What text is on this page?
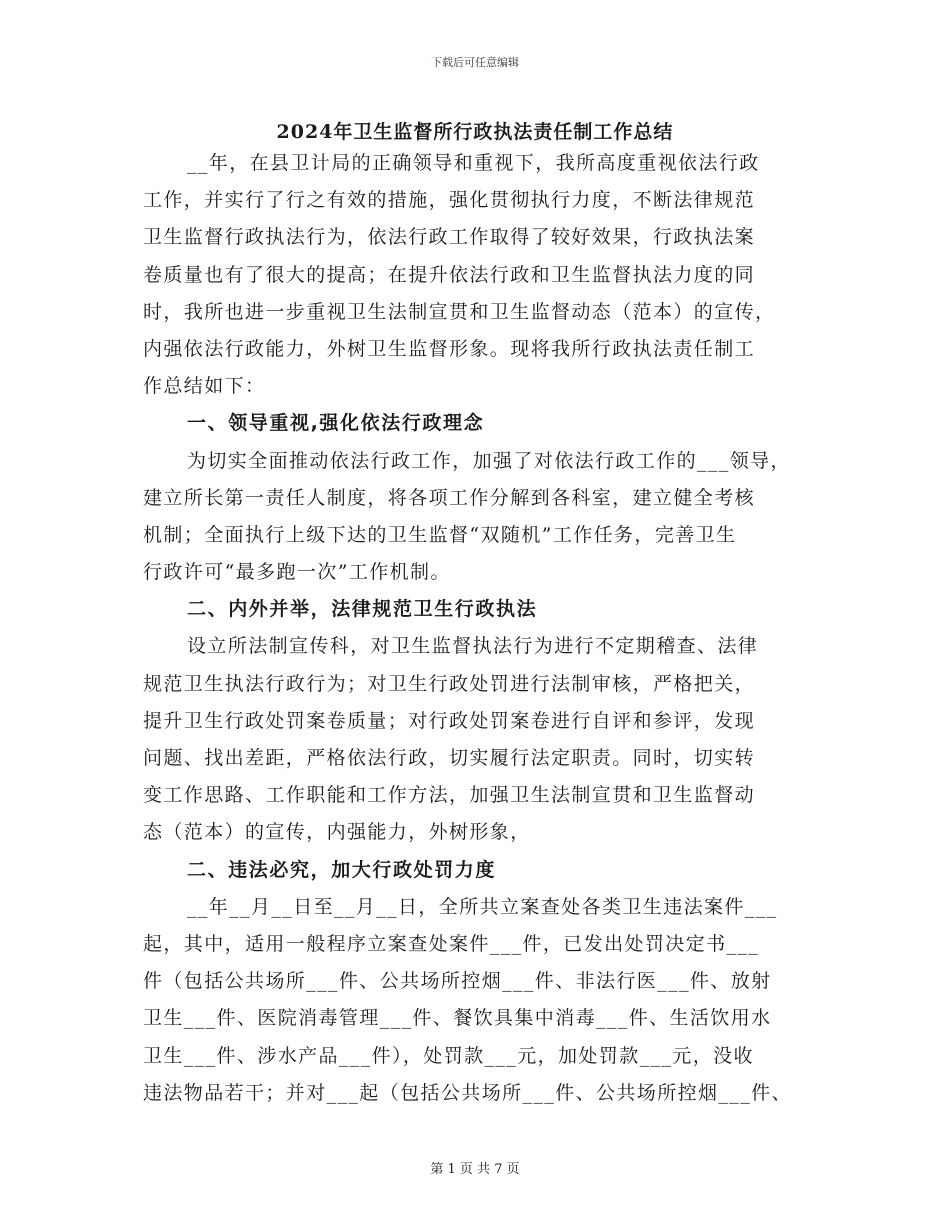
下载后可任意编辑
2024年卫生监督所行政执法责任制工作总结
__年，在县卫计局的正确领导和重视下，我所高度重视依法行政
工作，并实行了行之有效的措施，强化贯彻执行力度，不断法律规范
卫生监督行政执法行为，依法行政工作取得了较好效果，行政执法案
卷质量也有了很大的提高；在提升依法行政和卫生监督执法力度的同
时，我所也进一步重视卫生法制宣贯和卫生监督动态（范本）的宣传，
内强依法行政能力，外树卫生监督形象。现将我所行政执法责任制工
作总结如下：
一、领导重视,强化依法行政理念
为切实全面推动依法行政工作，加强了对依法行政工作的___领导，
建立所长第一责任人制度，将各项工作分解到各科室，建立健全考核
机制；全面执行上级下达的卫生监督“双随机”工作任务，完善卫生
行政许可“最多跑一次”工作机制。
二、内外并举，法律规范卫生行政执法
设立所法制宣传科，对卫生监督执法行为进行不定期稽查、法律
规范卫生执法行政行为；对卫生行政处罚进行法制审核，严格把关，
提升卫生行政处罚案卷质量；对行政处罚案卷进行自评和参评，发现
问题、找出差距，严格依法行政，切实履行法定职责。同时，切实转
变工作思路、工作职能和工作方法，加强卫生法制宣贯和卫生监督动
态（范本）的宣传，内强能力，外树形象，
二、违法必究，加大行政处罚力度
__年__月__日至__月__日，全所共立案查处各类卫生违法案件___
起，其中，适用一般程序立案查处案件___件，已发出处罚决定书___
件（包括公共场所___件、公共场所控烟___件、非法行医___件、放射
卫生___件、医院消毒管理___件、餐饮具集中消毒___件、生活饮用水
卫生___件、涉水产品___件），处罚款___元，加处罚款___元，没收
违法物品若干；并对___起（包括公共场所___件、公共场所控烟___件、
第 1 页 共 7 页
